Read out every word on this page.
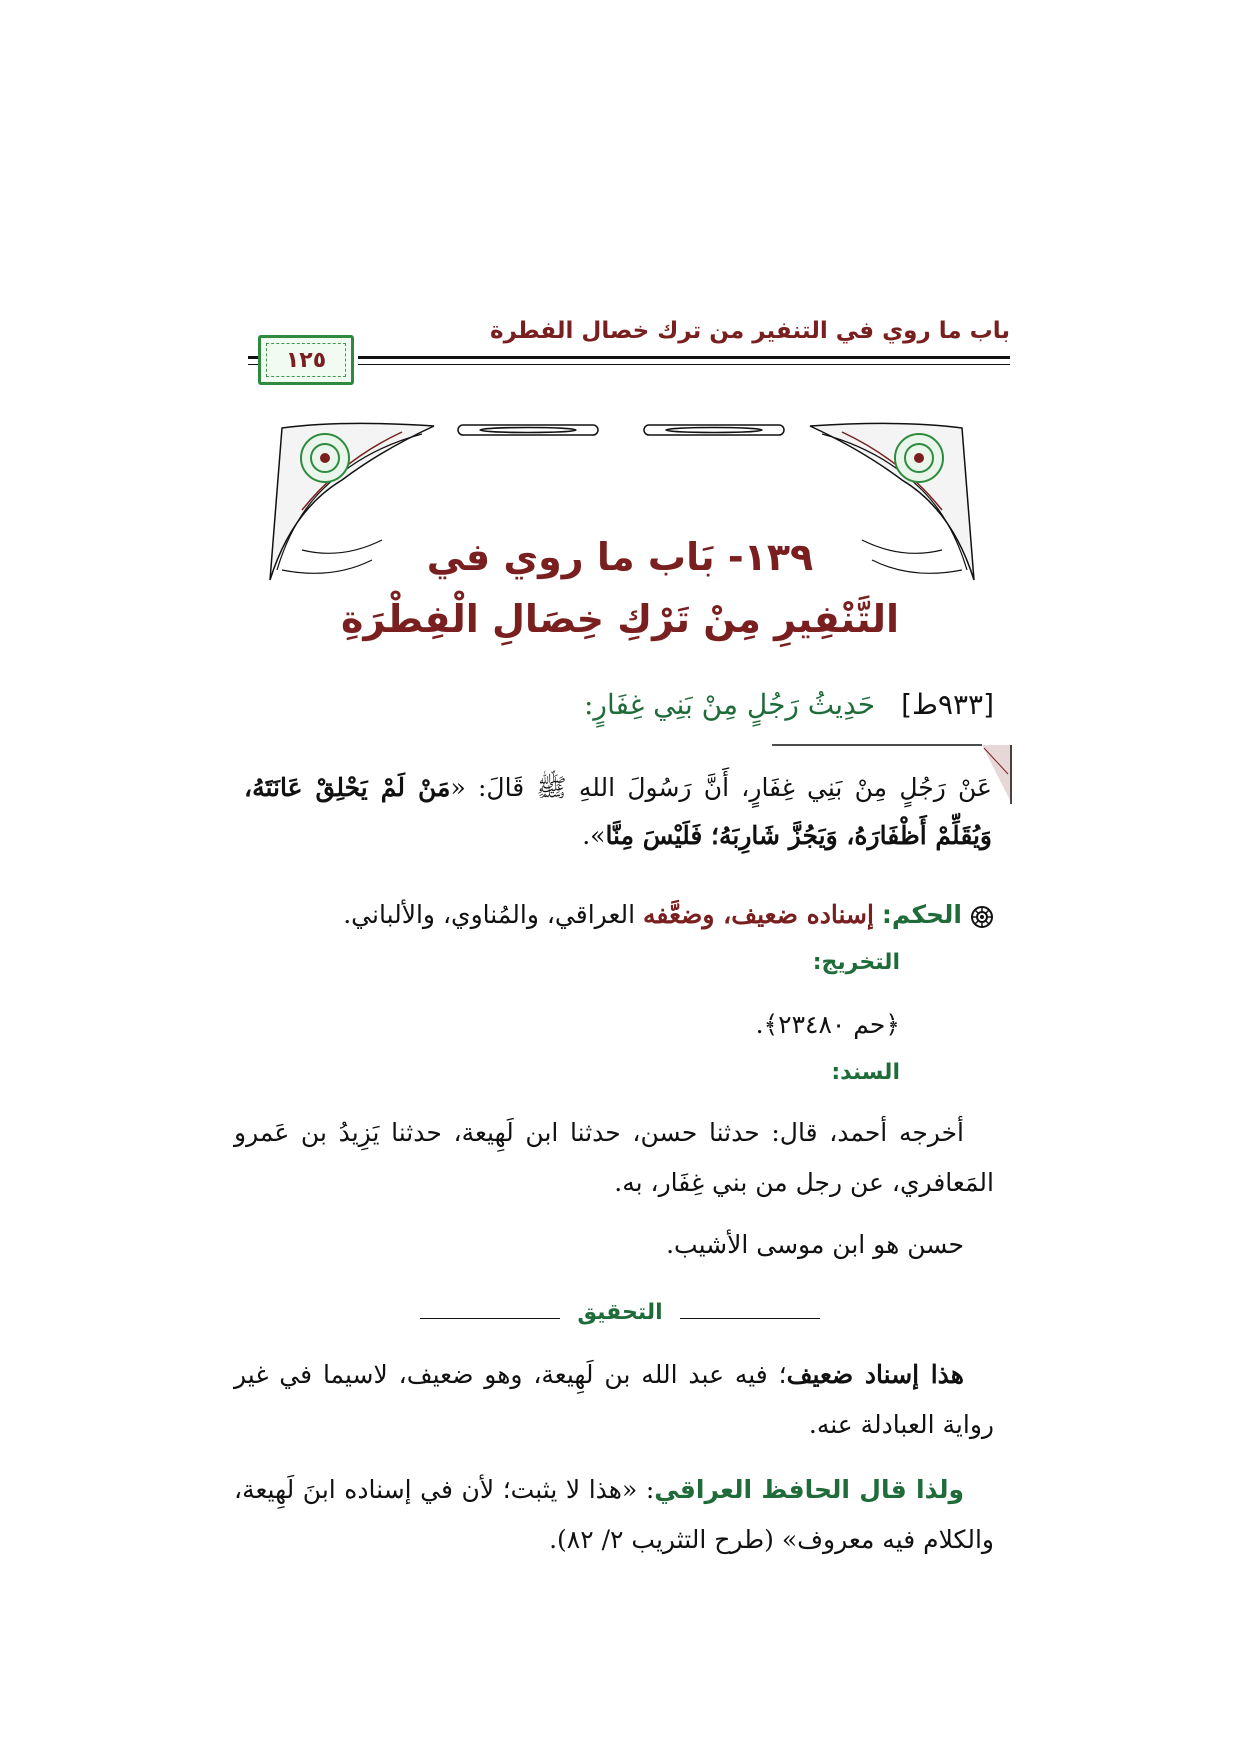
باب ما روي في التنفير من ترك خصال الفطرة
١٢٥
١٣٩- بَاب ما روي في
التَّنْفِيرِ مِنْ تَرْكِ خِصَالِ الْفِطْرَةِ
[٩٣٣ط]حَدِيثُ رَجُلٍ مِنْ بَنِي غِفَارٍ:
عَنْ رَجُلٍ مِنْ بَنِي غِفَارٍ، أَنَّ رَسُولَ اللهِ ﷺ قَالَ: «مَنْ لَمْ يَحْلِقْ عَانَتَهُ، وَيُقَلِّمْ أَظْفَارَهُ، وَيَجُزَّ شَارِبَهُ؛ فَلَيْسَ مِنَّا».
الحكم: إسناده ضعيف، وضعَّفه العراقي، والمُناوي، والألباني.
التخريج:
﴿حم ٢٣٤٨٠﴾.
السند:
أخرجه أحمد، قال: حدثنا حسن، حدثنا ابن لَهِيعة، حدثنا يَزِيدُ بن عَمرو المَعافري، عن رجل من بني غِفَار، به.
حسن هو ابن موسى الأشيب.
التحقيق
هذا إسناد ضعيف؛ فيه عبد الله بن لَهِيعة، وهو ضعيف، لاسيما في غير رواية العبادلة عنه.
ولذا قال الحافظ العراقي: «هذا لا يثبت؛ لأن في إسناده ابنَ لَهِيعة، والكلام فيه معروف» (طرح التثريب ٢/ ٨٢).
